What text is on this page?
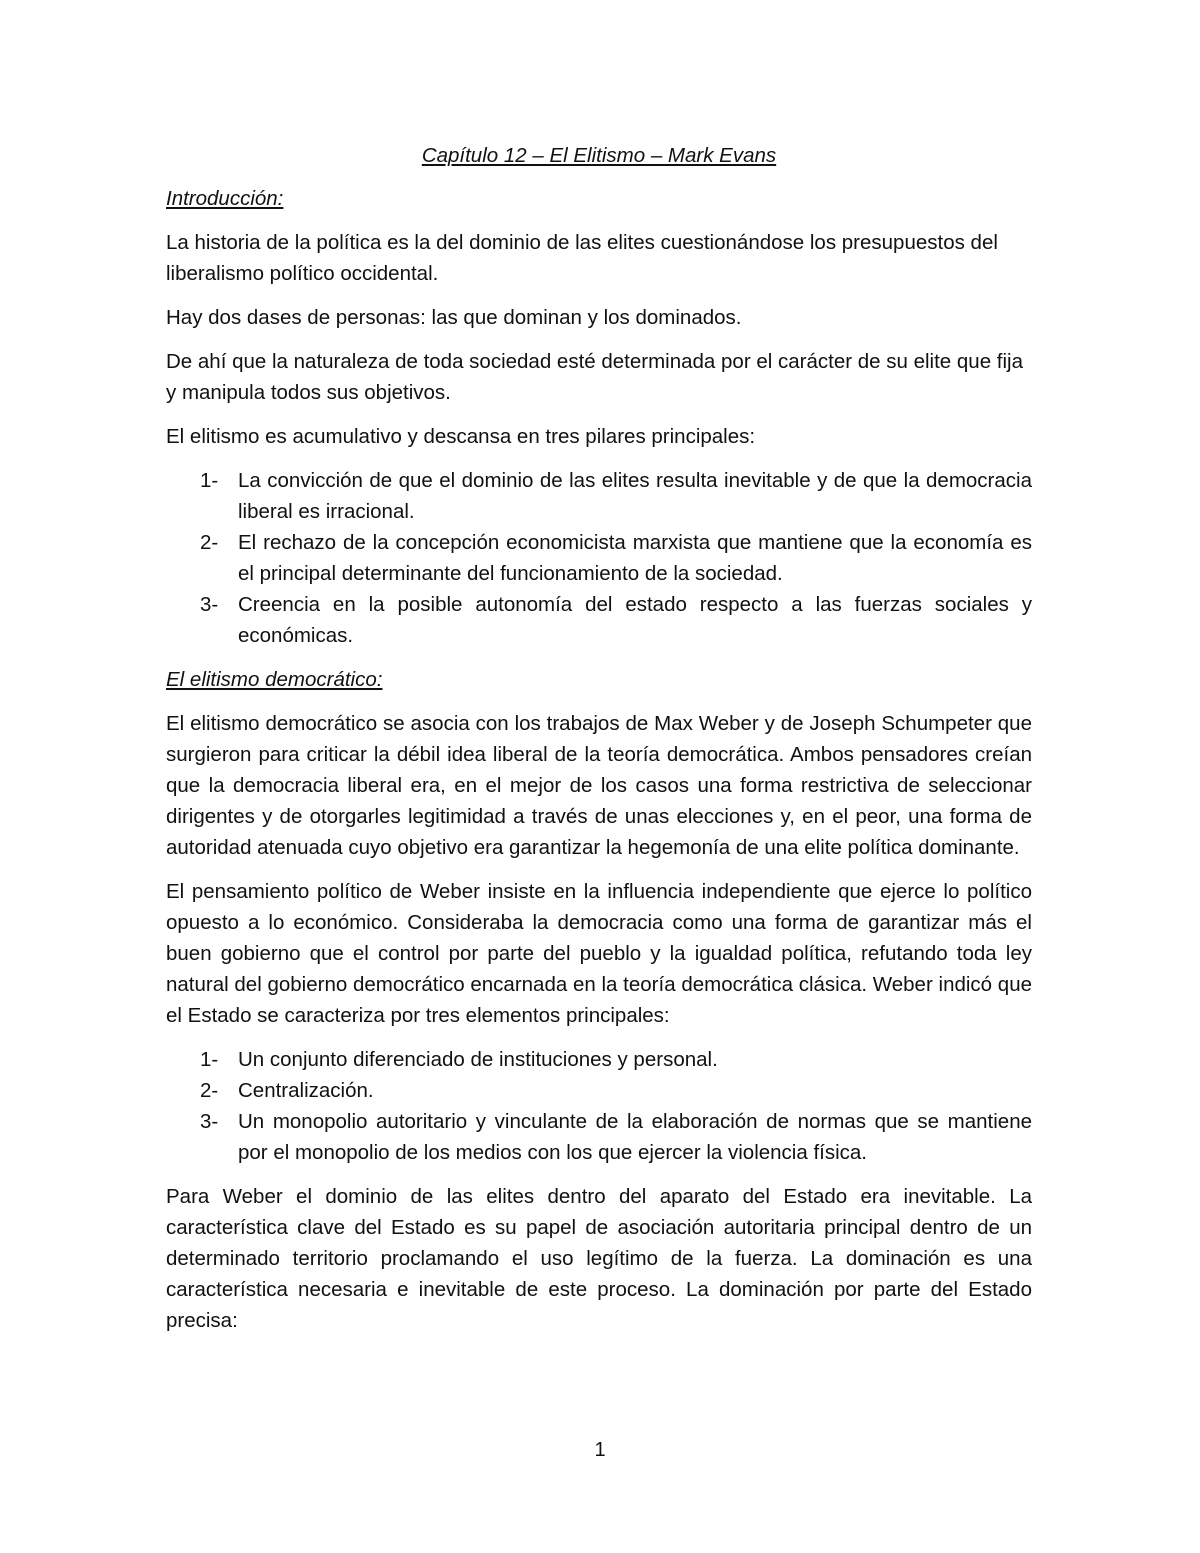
Capítulo 12 – El Elitismo – Mark Evans
Introducción:

La historia de la política es la del dominio de las elites cuestionándose los presupuestos del liberalismo político occidental.

Hay dos dases de personas: las que dominan y los dominados.

De ahí que la naturaleza de toda sociedad esté determinada por el carácter de su elite que fija y manipula todos sus objetivos.

El elitismo es acumulativo y descansa en tres pilares principales:

1- La convicción de que el dominio de las elites resulta inevitable y de que la democracia liberal es irracional.
2- El rechazo de la concepción economicista marxista que mantiene que la economía es el principal determinante del funcionamiento de la sociedad.
3- Creencia en la posible autonomía del estado respecto a las fuerzas sociales y económicas.
El elitismo democrático:

El elitismo democrático se asocia con los trabajos de Max Weber y de Joseph Schumpeter que surgieron para criticar la débil idea liberal de la teoría democrática. Ambos pensadores creían que la democracia liberal era, en el mejor de los casos una forma restrictiva de seleccionar dirigentes y de otorgarles legitimidad a través de unas elecciones y, en el peor, una forma de autoridad atenuada cuyo objetivo era garantizar la hegemonía de una elite política dominante.

El pensamiento político de Weber insiste en la influencia independiente que ejerce lo político opuesto a lo económico. Consideraba la democracia como una forma de garantizar más el buen gobierno que el control por parte del pueblo y la igualdad política, refutando toda ley natural del gobierno democrático encarnada en la teoría democrática clásica. Weber indicó que el Estado se caracteriza por tres elementos principales:

1- Un conjunto diferenciado de instituciones y personal.
2- Centralización.
3- Un monopolio autoritario y vinculante de la elaboración de normas que se mantiene por el monopolio de los medios con los que ejercer la violencia física.

Para Weber el dominio de las elites dentro del aparato del Estado era inevitable. La característica clave del Estado es su papel de asociación autoritaria principal dentro de un determinado territorio proclamando el uso legítimo de la fuerza. La dominación es una característica necesaria e inevitable de este proceso. La dominación por parte del Estado precisa:

1
